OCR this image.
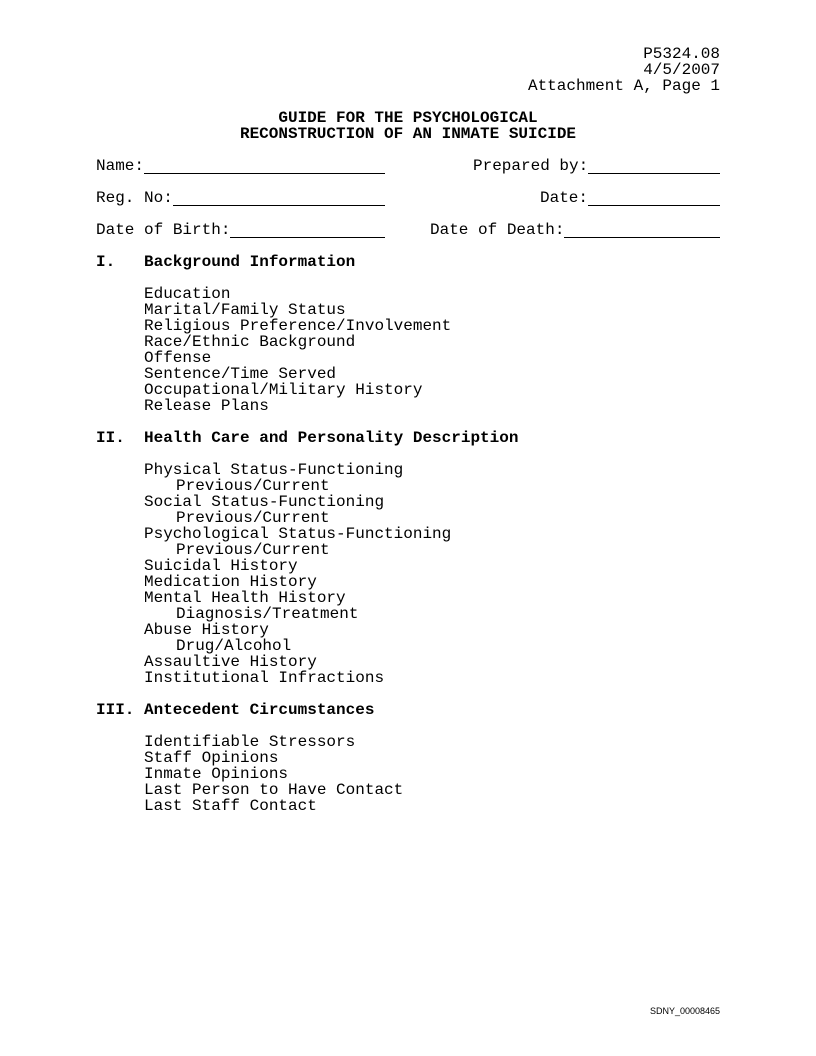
P5324.08
4/5/2007
Attachment A, Page 1
GUIDE FOR THE PSYCHOLOGICAL
RECONSTRUCTION OF AN INMATE SUICIDE
Name:	Prepared by:
Reg. No:	Date:
Date of Birth:	Date of Death:
I.	Background Information
Education
Marital/Family Status
Religious Preference/Involvement
Race/Ethnic Background
Offense
Sentence/Time Served
Occupational/Military History
Release Plans
II.	Health Care and Personality Description
Physical Status-Functioning
Previous/Current
Social Status-Functioning
Previous/Current
Psychological Status-Functioning
Previous/Current
Suicidal History
Medication History
Mental Health History
Diagnosis/Treatment
Abuse History
Drug/Alcohol
Assaultive History
Institutional Infractions
III. Antecedent Circumstances
Identifiable Stressors
Staff Opinions
Inmate Opinions
Last Person to Have Contact
Last Staff Contact
SDNY_00008465
